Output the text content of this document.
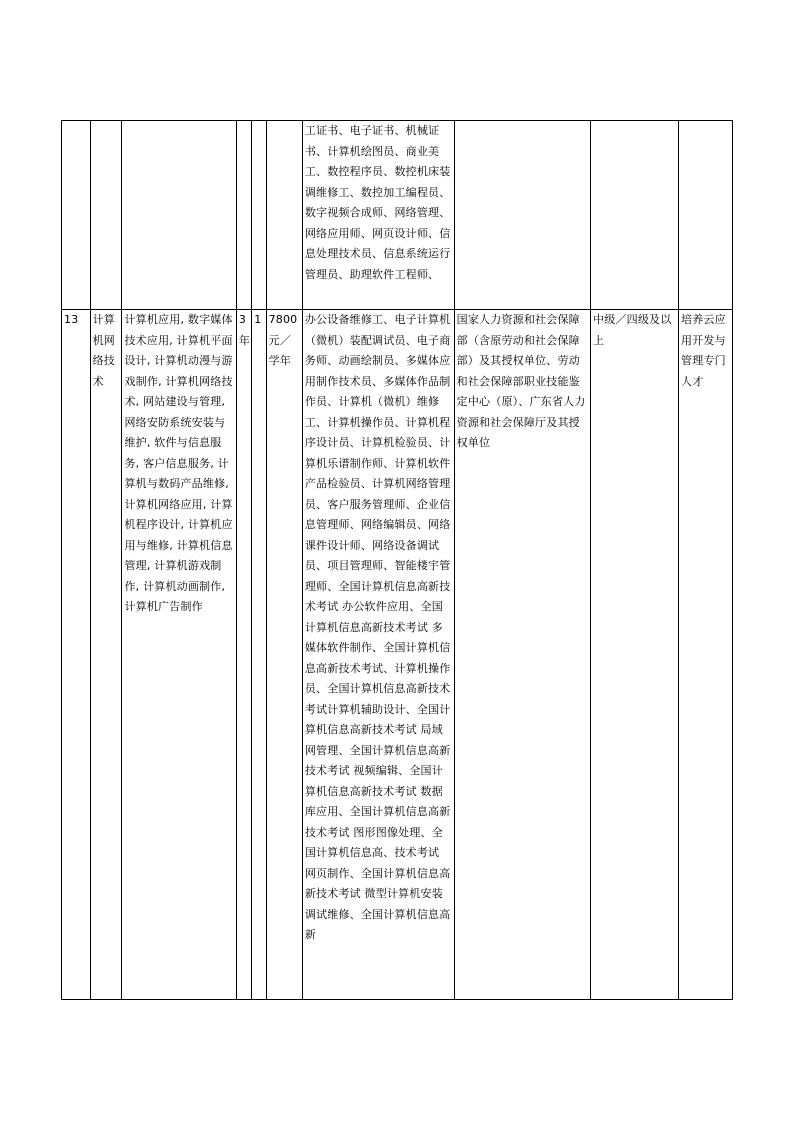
						工证书、电子证书、机械证书、计算机绘图员、商业美工、数控程序员、数控机床装调维修工、数控加工编程员、数字视频合成师、网络管理、网络应用师、网页设计师、信息处理技术员、信息系统运行管理员、助理软件工程师、			
13	计算机网络技术	计算机应用, 数字媒体技术应用, 计算机平面设计, 计算机动漫与游戏制作, 计算机网络技术, 网站建设与管理, 网络安防系统安装与维护, 软件与信息服务, 客户信息服务, 计算机与数码产品维修, 计算机网络应用, 计算机程序设计, 计算机应用与维修, 计算机信息管理, 计算机游戏制作, 计算机动画制作, 计算机广告制作	3年	1	7800元／学年	办公设备维修工、电子计算机（微机）装配调试员、电子商务师、动画绘制员、多媒体应用制作技术员、多媒体作品制作员、计算机（微机）维修工、计算机操作员、计算机程序设计员、计算机检验员、计算机乐谱制作师、计算机软件产品检验员、计算机网络管理员、客户服务管理师、企业信息管理师、网络编辑员、网络课件设计师、网络设备调试员、项目管理师、智能楼宇管理师、全国计算机信息高新技术考试 办公软件应用、全国计算机信息高新技术考试 多媒体软件制作、全国计算机信息高新技术考试、计算机操作员、全国计算机信息高新技术考试计算机辅助设计、全国计算机信息高新技术考试 局域网管理、全国计算机信息高新技术考试 视频编辑、全国计算机信息高新技术考试 数据库应用、全国计算机信息高新技术考试 图形图像处理、全国计算机信息高、技术考试 网页制作、全国计算机信息高新技术考试 微型计算机安装调试维修、全国计算机信息高新	国家人力资源和社会保障部（含原劳动和社会保障部）及其授权单位、劳动和社会保障部职业技能鉴定中心（原）、广东省人力资源和社会保障厅及其授权单位	中级／四级及以上	培养云应用开发与管理专门人才
